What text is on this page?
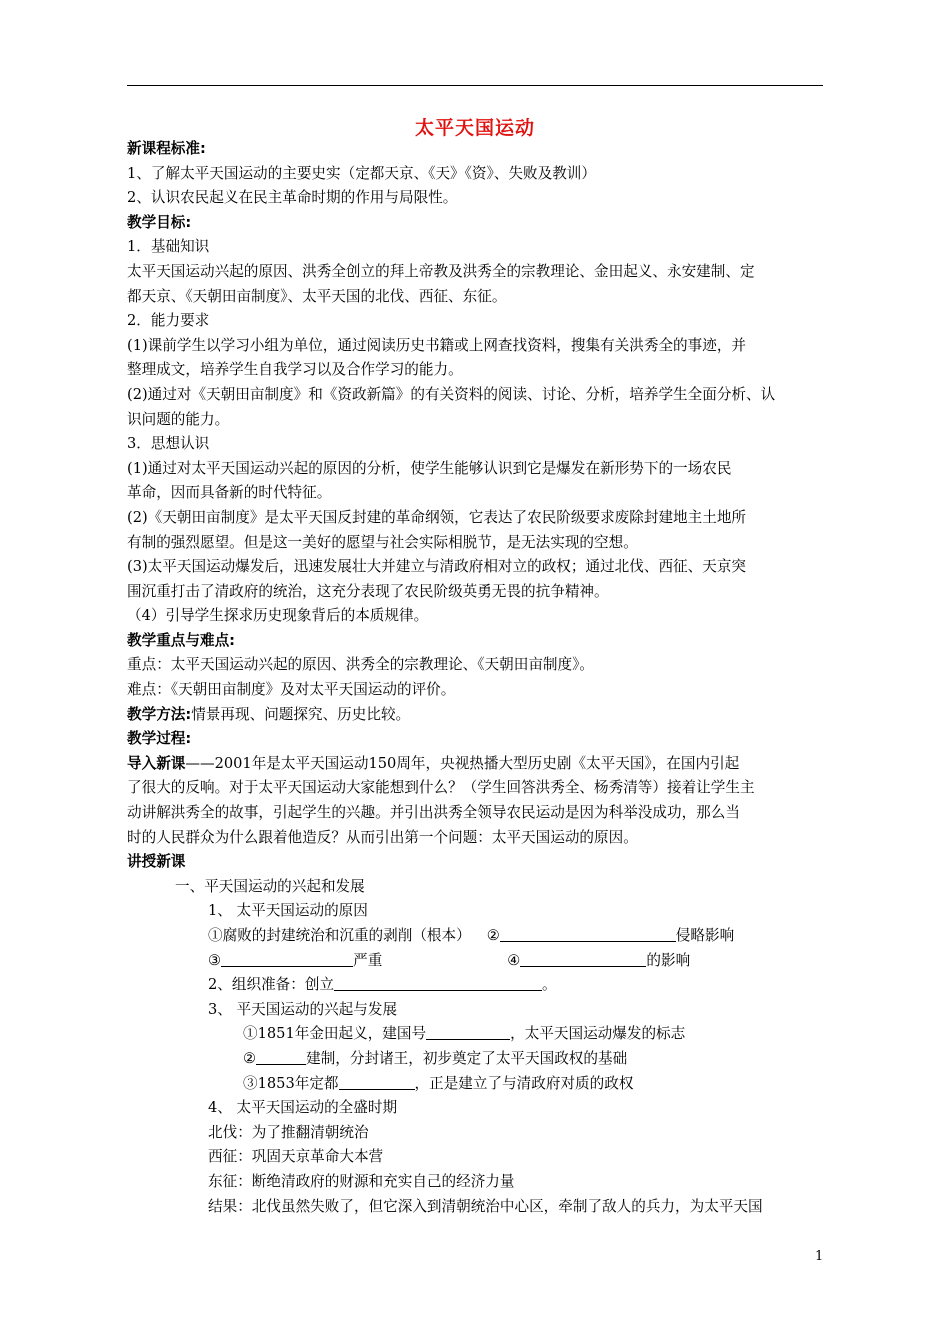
太平天国运动
新课程标准:
1、了解太平天国运动的主要史实（定都天京、《天》《资》、失败及教训）
2、认识农民起义在民主革命时期的作用与局限性。
教学目标:
1．基础知识
太平天国运动兴起的原因、洪秀全创立的拜上帝教及洪秀全的宗教理论、金田起义、永安建制、定
都天京、《天朝田亩制度》、太平天国的北伐、西征、东征。
2．能力要求
(1)课前学生以学习小组为单位，通过阅读历史书籍或上网查找资料，搜集有关洪秀全的事迹，并
整理成文，培养学生自我学习以及合作学习的能力。
(2)通过对《天朝田亩制度》和《资政新篇》的有关资料的阅读、讨论、分析，培养学生全面分析、认
识问题的能力。
3．思想认识
(1)通过对太平天国运动兴起的原因的分析，使学生能够认识到它是爆发在新形势下的一场农民
革命，因而具备新的时代特征。
(2)《天朝田亩制度》是太平天国反封建的革命纲领，它表达了农民阶级要求废除封建地主土地所
有制的强烈愿望。但是这一美好的愿望与社会实际相脱节，是无法实现的空想。
(3)太平天国运动爆发后，迅速发展壮大并建立与清政府相对立的政权；通过北伐、西征、天京突
围沉重打击了清政府的统治，这充分表现了农民阶级英勇无畏的抗争精神。
（4）引导学生探求历史现象背后的本质规律。
教学重点与难点:
重点：太平天国运动兴起的原因、洪秀全的宗教理论、《天朝田亩制度》。
难点：《天朝田亩制度》及对太平天国运动的评价。
教学方法:情景再现、问题探究、历史比较。
教学过程:
导入新课——2001年是太平天国运动150周年，央视热播大型历史剧《太平天国》，在国内引起
了很大的反响。对于太平天国运动大家能想到什么？（学生回答洪秀全、杨秀清等）接着让学生主
动讲解洪秀全的故事，引起学生的兴趣。并引出洪秀全领导农民运动是因为科举没成功，那么当
时的人民群众为什么跟着他造反？从而引出第一个问题：太平天国运动的原因。
讲授新课
一、平天国运动的兴起和发展
1、 太平天国运动的原因
①腐败的封建统治和沉重的剥削（根本） ②	侵略影响
③	严重	④	的影响
2、组织准备：创立	。
3、 平天国运动的兴起与发展
①1851年金田起义，建国号	，太平天国运动爆发的标志
②	建制，分封诸王，初步奠定了太平天国政权的基础
③1853年定都	，正是建立了与清政府对质的政权
4、 太平天国运动的全盛时期
北伐：为了推翻清朝统治
西征：巩固天京革命大本营
东征：断绝清政府的财源和充实自己的经济力量
结果：北伐虽然失败了，但它深入到清朝统治中心区，牵制了敌人的兵力，为太平天国
1
